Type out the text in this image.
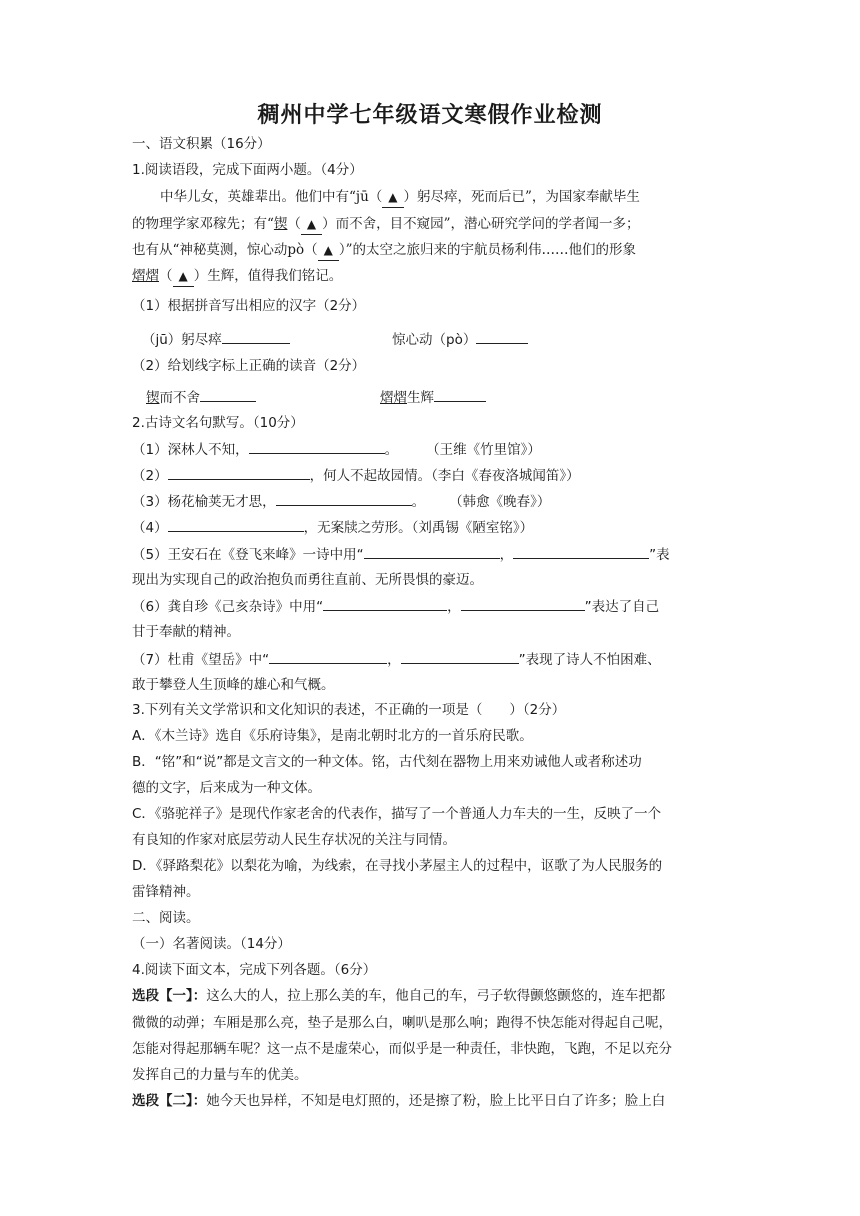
稠州中学七年级语文寒假作业检测
一、语文积累（16分）
1.阅读语段，完成下面两小题。（4分）
中华儿女，英雄辈出。他们中有“jū（ ▲ ）躬尽瘁，死而后已”，为国家奉献毕生
的物理学家邓稼先；有“锲（ ▲ ）而不舍，目不窥园”，潜心研究学问的学者闻一多；
也有从“神秘莫测，惊心动pò（ ▲ ）”的太空之旅归来的宇航员杨利伟……他们的形象
熠熠（ ▲ ）生辉，值得我们铭记。
（1）根据拼音写出相应的汉字（2分）
（jū）躬尽瘁	惊心动（pò）
（2）给划线字标上正确的读音（2分）
锲而不舍	熠熠生辉
2.古诗文名句默写。（10分）
（1）深林人不知，	。 （王维《竹里馆》）
（2）	，何人不起故园情。（李白《春夜洛城闻笛》）
（3）杨花榆荚无才思，	。 （韩愈《晚春》）
（4）	，无案牍之劳形。（刘禹锡《陋室铭》）
（5）王安石在《登飞来峰》一诗中用“	，	”表
现出为实现自己的政治抱负而勇往直前、无所畏惧的豪迈。
（6）龚自珍《己亥杂诗》中用“	，	”表达了自己
甘于奉献的精神。
（7）杜甫《望岳》中“	，	”表现了诗人不怕困难、
敢于攀登人生顶峰的雄心和气概。
3.下列有关文学常识和文化知识的表述，不正确的一项是（　　）（2分）
A．《木兰诗》选自《乐府诗集》，是南北朝时北方的一首乐府民歌。
B．“铭”和“说”都是文言文的一种文体。铭，古代刻在器物上用来劝诫他人或者称述功
德的文字，后来成为一种文体。
C．《骆驼祥子》是现代作家老舍的代表作，描写了一个普通人力车夫的一生，反映了一个
有良知的作家对底层劳动人民生存状况的关注与同情。
D．《驿路梨花》以梨花为喻，为线索，在寻找小茅屋主人的过程中，讴歌了为人民服务的
雷锋精神。
二、阅读。
（一）名著阅读。（14分）
4.阅读下面文本，完成下列各题。（6分）
选段【一】：这么大的人，拉上那么美的车，他自己的车，弓子软得颤悠颤悠的，连车把都
微微的动弹；车厢是那么亮，垫子是那么白，喇叭是那么响；跑得不快怎能对得起自己呢，
怎能对得起那辆车呢？这一点不是虚荣心，而似乎是一种责任，非快跑，飞跑，不足以充分
发挥自己的力量与车的优美。
选段【二】：她今天也异样，不知是电灯照的，还是擦了粉，脸上比平日白了许多；脸上白
